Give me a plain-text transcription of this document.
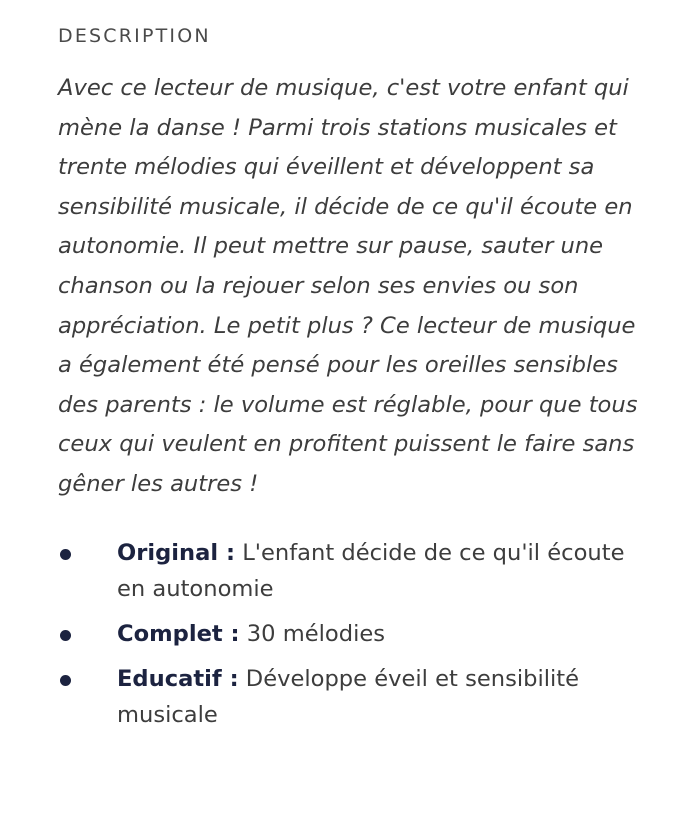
DESCRIPTION

Avec ce lecteur de musique, c'est votre enfant qui mène la danse ! Parmi trois stations musicales et trente mélodies qui éveillent et développent sa sensibilité musicale, il décide de ce qu'il écoute en autonomie. Il peut mettre sur pause, sauter une chanson ou la rejouer selon ses envies ou son appréciation. Le petit plus ? Ce lecteur de musique a également été pensé pour les oreilles sensibles des parents : le volume est réglable, pour que tous ceux qui veulent en profitent puissent le faire sans gêner les autres !

Original : L'enfant décide de ce qu'il écoute en autonomie
Complet : 30 mélodies
Educatif : Développe éveil et sensibilité musicale
